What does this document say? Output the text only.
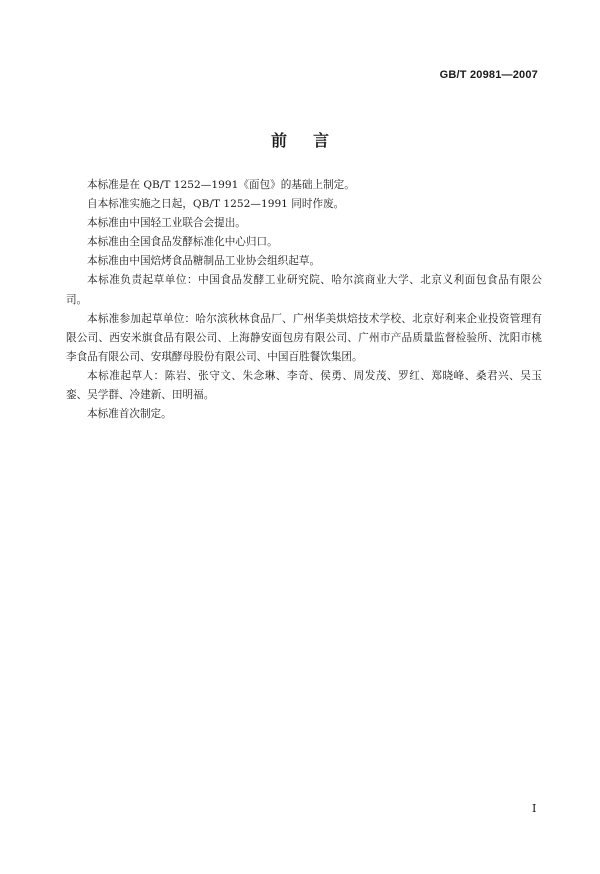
GB/T 20981—2007
前言

本标准是在 QB/T 1252—1991《面包》的基础上制定。

自本标准实施之日起，QB/T 1252—1991 同时作废。

本标准由中国轻工业联合会提出。

本标准由全国食品发酵标准化中心归口。

本标准由中国焙烤食品糖制品工业协会组织起草。

本标准负责起草单位：中国食品发酵工业研究院、哈尔滨商业大学、北京义利面包食品有限公司。

本标准参加起草单位：哈尔滨秋林食品厂、广州华美烘焙技术学校、北京好利来企业投资管理有限公司、西安米旗食品有限公司、上海静安面包房有限公司、广州市产品质量监督检验所、沈阳市桃李食品有限公司、安琪酵母股份有限公司、中国百胜餐饮集团。

本标准起草人：陈岩、张守文、朱念琳、李奇、侯勇、周发茂、罗红、郑晓峰、桑君兴、吴玉銮、吴学群、冷建新、田明福。

本标准首次制定。

I
